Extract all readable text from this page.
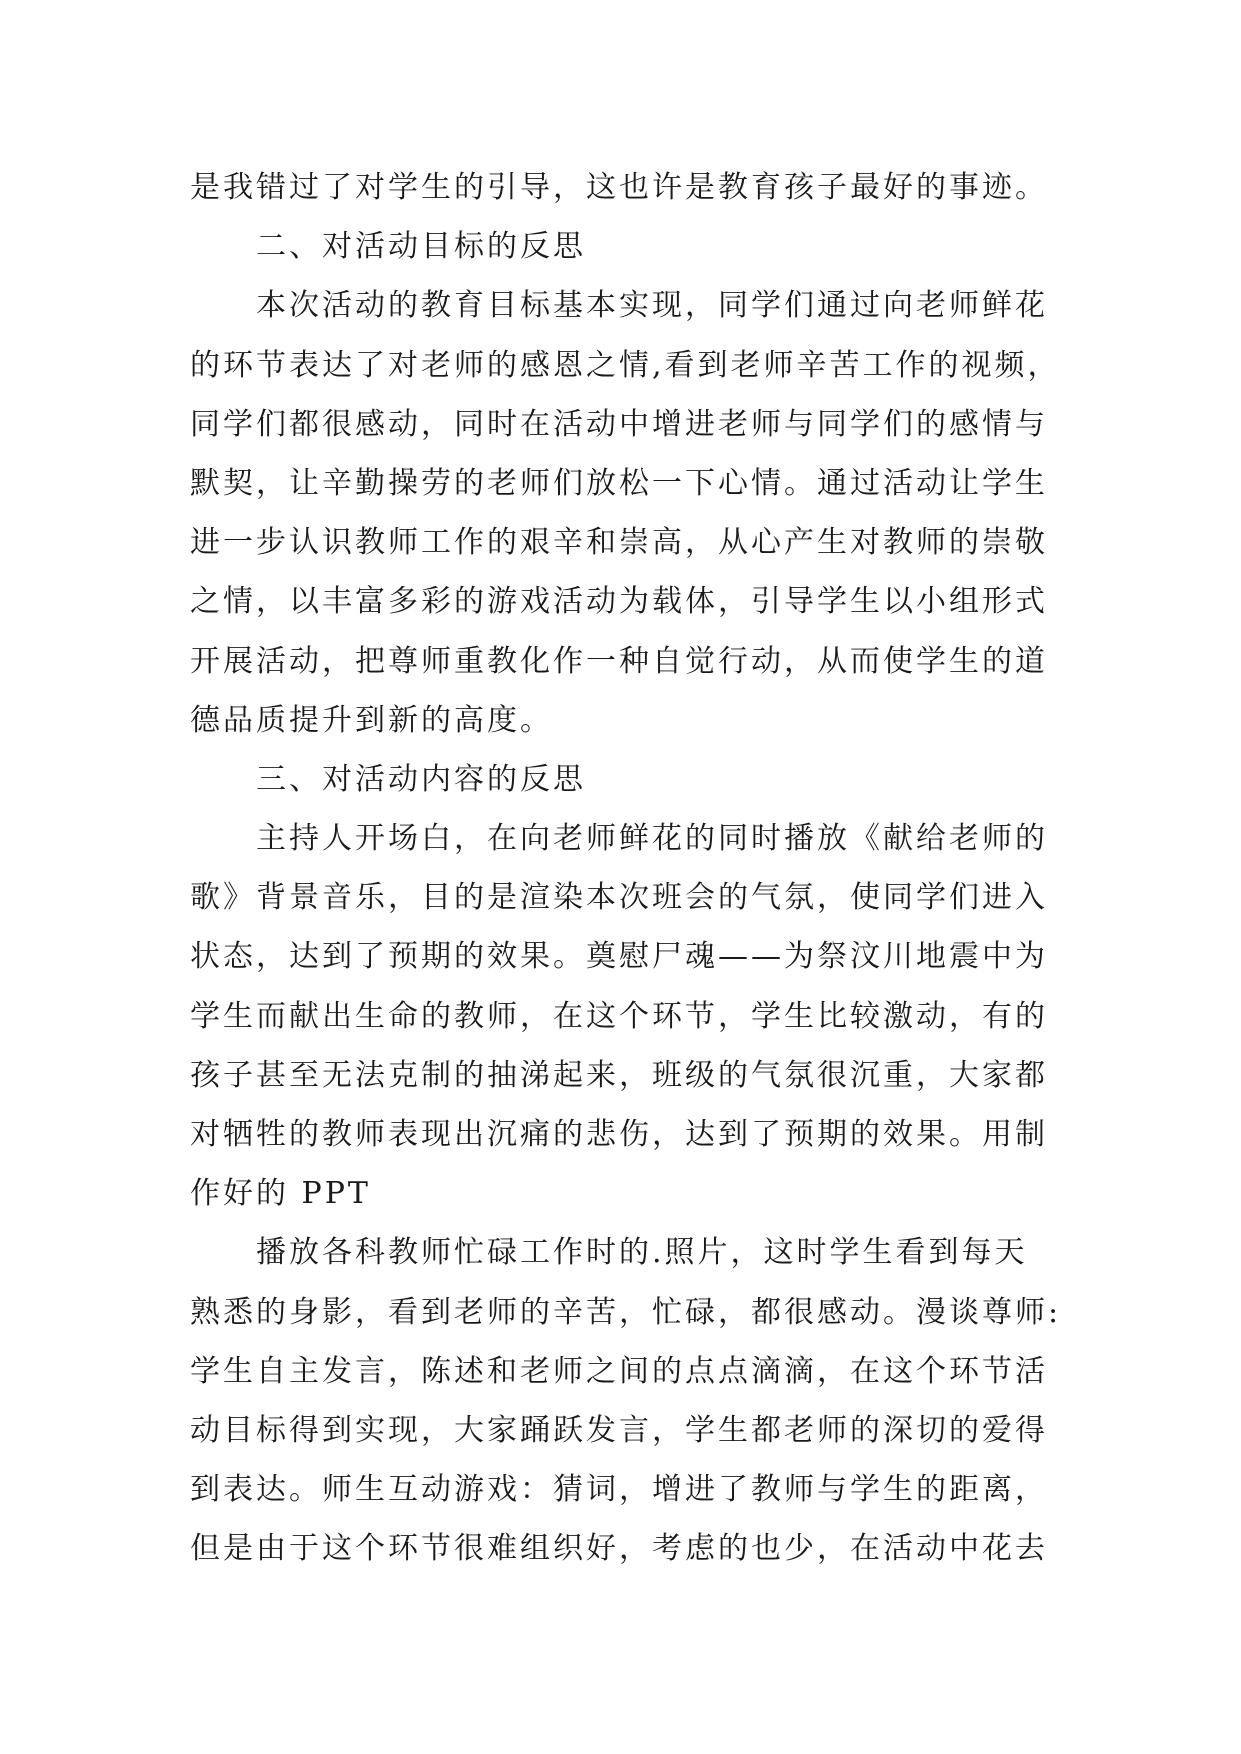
是我错过了对学生的引导，这也许是教育孩子最好的事迹。
二、对活动目标的反思
本次活动的教育目标基本实现，同学们通过向老师鲜花
的环节表达了对老师的感恩之情,看到老师辛苦工作的视频，
同学们都很感动，同时在活动中增进老师与同学们的感情与
默契，让辛勤操劳的老师们放松一下心情。通过活动让学生
进一步认识教师工作的艰辛和崇高，从心产生对教师的崇敬
之情，以丰富多彩的游戏活动为载体，引导学生以小组形式
开展活动，把尊师重教化作一种自觉行动，从而使学生的道
德品质提升到新的高度。
三、对活动内容的反思
主持人开场白，在向老师鲜花的同时播放《献给老师的
歌》背景音乐，目的是渲染本次班会的气氛，使同学们进入
状态，达到了预期的效果。奠慰尸魂——为祭汶川地震中为
学生而献出生命的教师，在这个环节，学生比较激动，有的
孩子甚至无法克制的抽涕起来，班级的气氛很沉重，大家都
对牺牲的教师表现出沉痛的悲伤，达到了预期的效果。用制
作好的 PPT
播放各科教师忙碌工作时的.照片，这时学生看到每天
熟悉的身影，看到老师的辛苦，忙碌，都很感动。漫谈尊师:
学生自主发言，陈述和老师之间的点点滴滴，在这个环节活
动目标得到实现，大家踊跃发言，学生都老师的深切的爱得
到表达。师生互动游戏：猜词，增进了教师与学生的距离，
但是由于这个环节很难组织好，考虑的也少，在活动中花去
